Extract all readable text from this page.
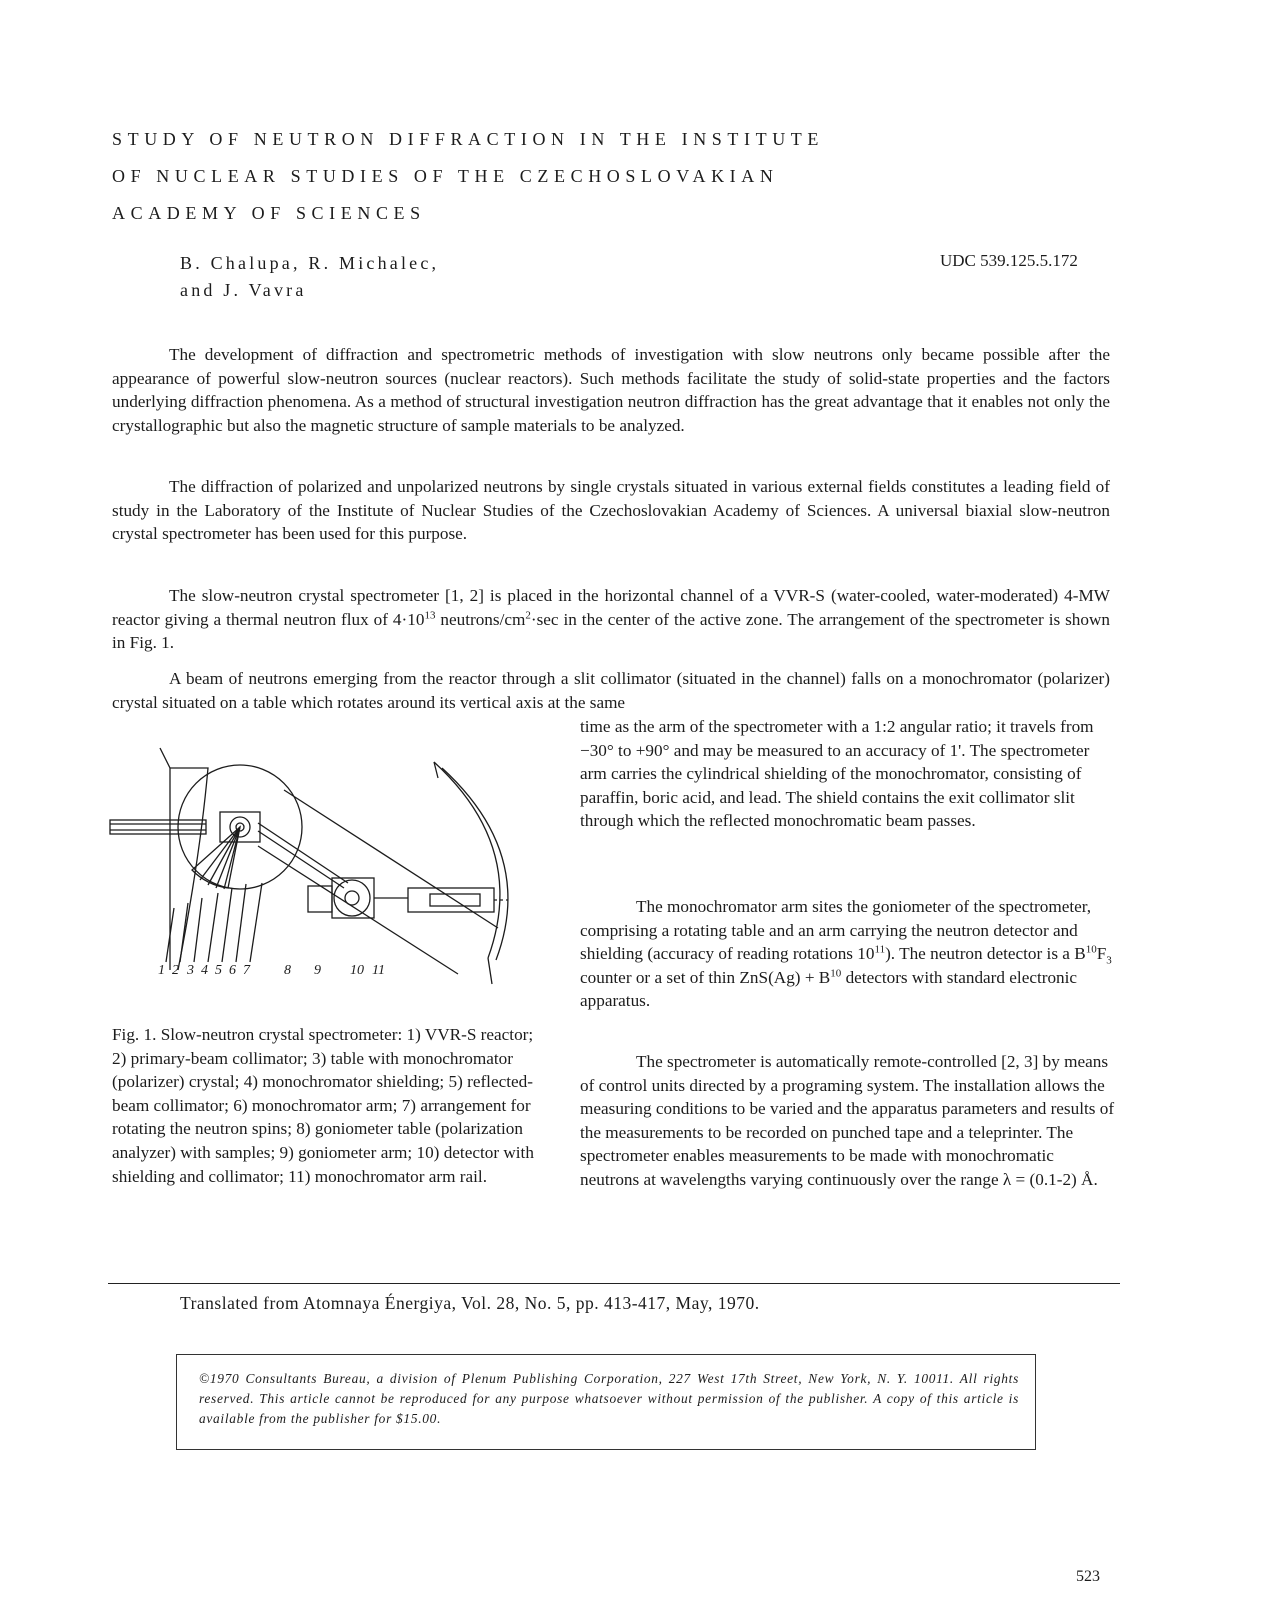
STUDY OF NEUTRON DIFFRACTION IN THE INSTITUTE
OF NUCLEAR STUDIES OF THE CZECHOSLOVAKIAN
ACADEMY OF SCIENCES
B. Chalupa, R. Michalec,
and J. Vavra
UDC 539.125.5.172

The development of diffraction and spectrometric methods of investigation with slow neutrons only became possible after the appearance of powerful slow-neutron sources (nuclear reactors). Such methods facilitate the study of solid-state properties and the factors underlying diffraction phenomena. As a method of structural investigation neutron diffraction has the great advantage that it enables not only the crystallographic but also the magnetic structure of sample materials to be analyzed.

The diffraction of polarized and unpolarized neutrons by single crystals situated in various external fields constitutes a leading field of study in the Laboratory of the Institute of Nuclear Studies of the Czechoslovakian Academy of Sciences. A universal biaxial slow-neutron crystal spectrometer has been used for this purpose.

The slow-neutron crystal spectrometer [1, 2] is placed in the horizontal channel of a VVR-S (water-cooled, water-moderated) 4-MW reactor giving a thermal neutron flux of $4\cdot 10^{13}$ neutrons/$cm^2\cdot\sec$ in the center of the active zone. The arrangement of the spectrometer is shown in Fig. 1.

A beam of neutrons emerging from the reactor through a slit collimator (situated in the channel) falls on a monochromator (polarizer) crystal situated on a table which rotates around its vertical axis at the same

1 2 3 4 5 6 7 8 9 10 11

Fig. 1. Slow-neutron crystal spectrometer: 1) VVR-S reactor; 2) primary-beam collimator; 3) table with monochromator (polarizer) crystal; 4) monochromator shielding; 5) reflected-beam collimator; 6) monochromator arm; 7) arrangement for rotating the neutron spins; 8) goniometer table (polarization analyzer) with samples; 9) goniometer arm; 10) detector with shielding and collimator; 11) monochromator arm rail.

time as the arm of the spectrometer with a 1:2 angular ratio; it travels from −30° to +90° and may be measured to an accuracy of 1'. The spectrometer arm carries the cylindrical shielding of the monochromator, consisting of paraffin, boric acid, and lead. The shield contains the exit collimator slit through which the reflected monochromatic beam passes.

The monochromator arm sites the goniometer of the spectrometer, comprising a rotating table and an arm carrying the neutron detector and shielding (accuracy of reading rotations $10^{11}$). The neutron detector is a $B^{10}F_3$ counter or a set of thin $ZnS(Ag) + B^{10}$ detectors with standard electronic apparatus.

The spectrometer is automatically remote-controlled [2, 3] by means of control units directed by a programing system. The installation allows the measuring conditions to be varied and the apparatus parameters and results of the measurements to be recorded on punched tape and a teleprinter. The spectrometer enables measurements to be made with monochromatic neutrons at wavelengths varying continuously over the range λ = (0.1-2) Å.

Translated from Atomnaya Énergiya, Vol. 28, No. 5, pp. 413-417, May, 1970.
©1970 Consultants Bureau, a division of Plenum Publishing Corporation, 227 West 17th Street, New York, N. Y. 10011. All rights reserved. This article cannot be reproduced for any purpose whatsoever without permission of the publisher. A copy of this article is available from the publisher for $15.00.
523
